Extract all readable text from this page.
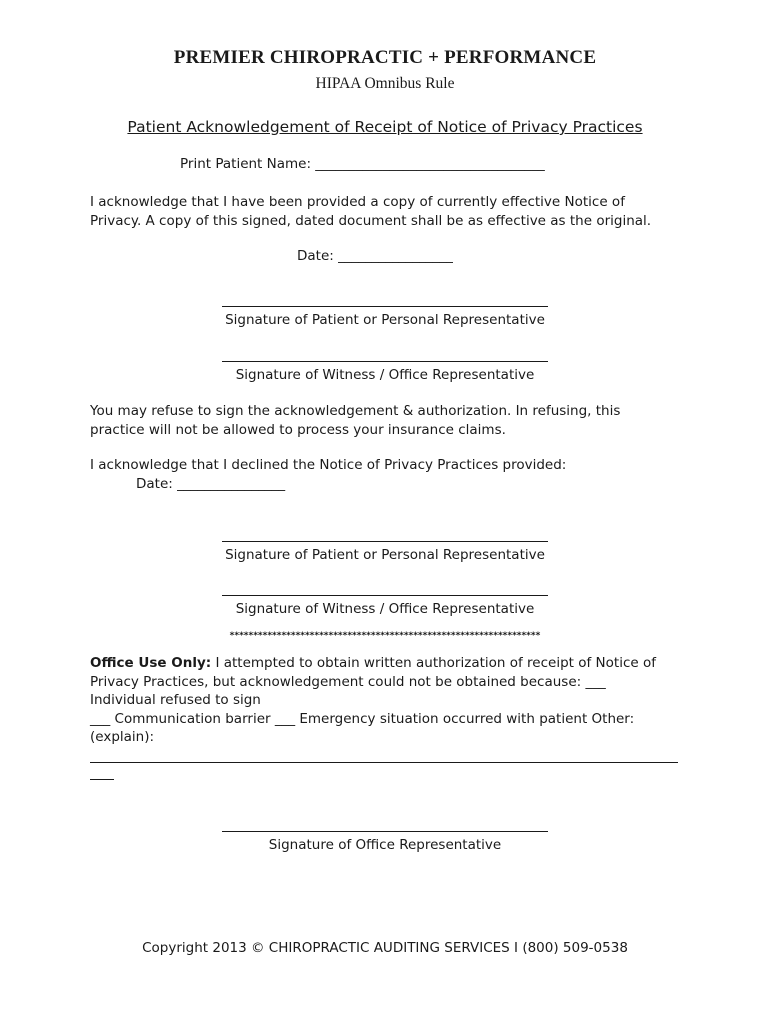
PREMIER CHIROPRACTIC + PERFORMANCE
HIPAA Omnibus Rule
Patient Acknowledgement of Receipt of Notice of Privacy Practices
Print Patient Name: __________________________________
I acknowledge that I have been provided a copy of currently effective Notice of
Privacy. A copy of this signed, dated document shall be as effective as the original.
Date: _________________
Signature of Patient or Personal Representative
Signature of Witness / Office Representative
You may refuse to sign the acknowledgement & authorization. In refusing, this
practice will not be allowed to process your insurance claims.
I acknowledge that I declined the Notice of Privacy Practices provided:
Date: ________________
Signature of Patient or Personal Representative
Signature of Witness / Office Representative
******************************************************************
Office Use Only: I attempted to obtain written authorization of receipt of Notice of
Privacy Practices, but acknowledgement could not be obtained because: ___
Individual refused to sign
___ Communication barrier ___ Emergency situation occurred with patient Other:
(explain):
Signature of Office Representative
Copyright 2013 © CHIROPRACTIC AUDITING SERVICES I (800) 509-0538
